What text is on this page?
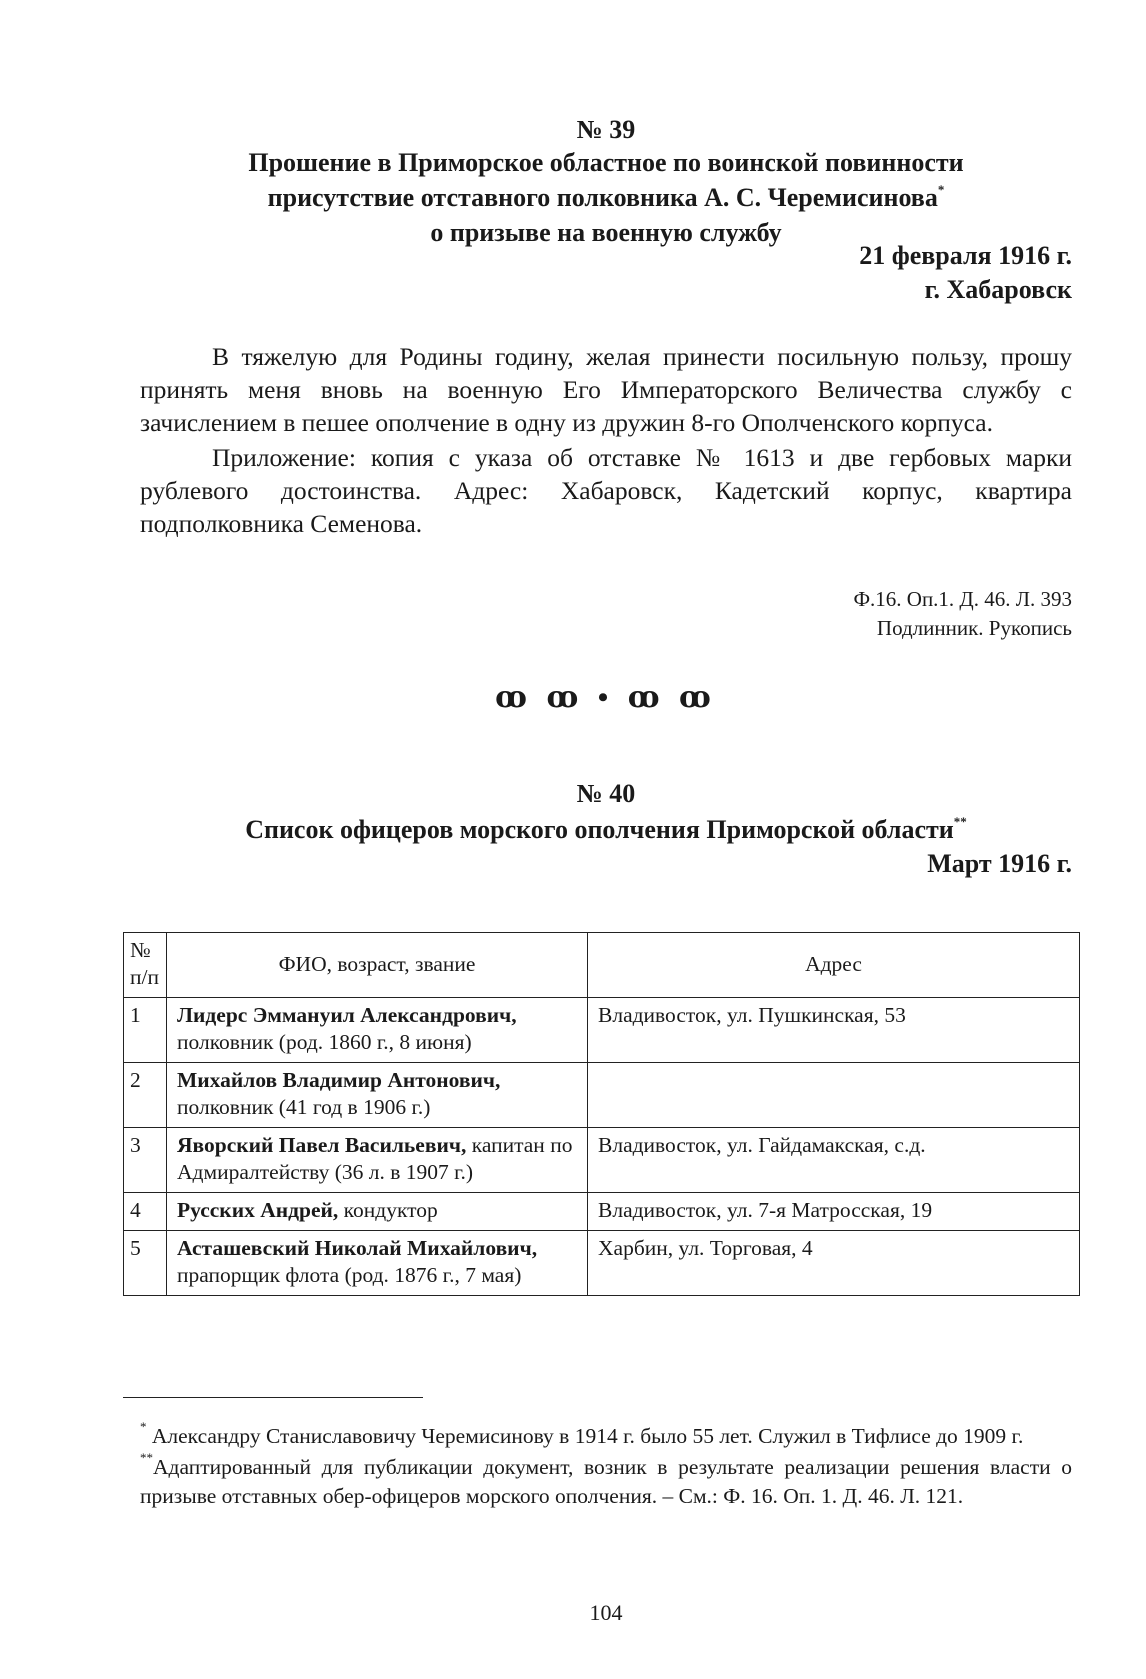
№ 39
Прошение в Приморское областное по воинской повинности
присутствие отставного полковника А. С. Черемисинова*
о призыве на военную службу
21 февраля 1916 г.
г. Хабаровск

В тяжелую для Родины годину, желая принести посильную пользу, прошу принять меня вновь на военную Его Императорского Величества службу с зачислением в пешее ополчение в одну из дружин 8-го Ополченского корпуса.

Приложение: копия с указа об отставке № 1613 и две гербовых марки рублевого достоинства. Адрес: Хабаровск, Кадетский корпус, квартира подполковника Семенова.

Ф.16. Оп.1. Д. 46. Л. 393
Подлинник. Рукопись
ꝏ ꝏ • ꝏ ꝏ
№ 40
Список офицеров морского ополчения Приморской области**
Март 1916 г.
№ п/п	ФИО, возраст, звание	Адрес
1	Лидерс Эммануил Александрович, полковник (род. 1860 г., 8 июня)	Владивосток, ул. Пушкинская, 53
2	Михайлов Владимир Антонович, полковник (41 год в 1906 г.)	
3	Яворский Павел Васильевич, капитан по Адмиралтейству (36 л. в 1907 г.)	Владивосток, ул. Гайдамакская, с.д.
4	Русских Андрей, кондуктор	Владивосток, ул. 7-я Матросская, 19
5	Асташевский Николай Михайлович, прапорщик флота (род. 1876 г., 7 мая)	Харбин, ул. Торговая, 4

* Александру Станиславовичу Черемисинову в 1914 г. было 55 лет. Служил в Тифлисе до 1909 г.

**Адаптированный для публикации документ, возник в результате реализации решения власти о призыве отставных обер-офицеров морского ополчения. – См.: Ф. 16. Оп. 1. Д. 46. Л. 121.

104
